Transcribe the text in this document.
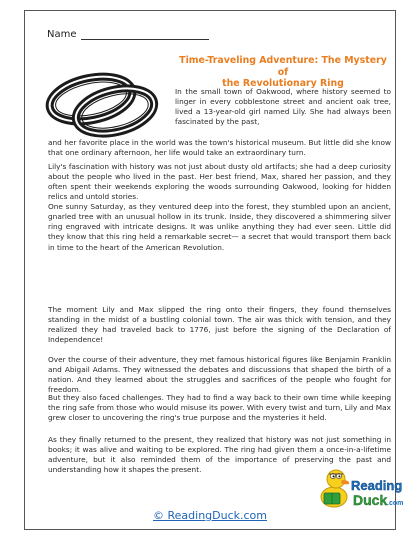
Name
Time-Traveling Adventure: The Mystery of
the Revolutionary Ring

In the small town of Oakwood, where history seemed to linger in every cobblestone street and ancient oak tree, lived a 13-year-old girl named Lily. She had always been fascinated by the past,

and her favorite place in the world was the town's historical museum. But little did she know that one ordinary afternoon, her life would take an extraordinary turn.

Lily's fascination with history was not just about dusty old artifacts; she had a deep curiosity about the people who lived in the past. Her best friend, Max, shared her passion, and they often spent their weekends exploring the woods surrounding Oakwood, looking for hidden relics and untold stories.

One sunny Saturday, as they ventured deep into the forest, they stumbled upon an ancient, gnarled tree with an unusual hollow in its trunk. Inside, they discovered a shimmering silver ring engraved with intricate designs. It was unlike anything they had ever seen. Little did they know that this ring held a remarkable secret— a secret that would transport them back in time to the heart of the American Revolution.

The moment Lily and Max slipped the ring onto their fingers, they found themselves standing in the midst of a bustling colonial town. The air was thick with tension, and they realized they had traveled back to 1776, just before the signing of the Declaration of Independence!

Over the course of their adventure, they met famous historical figures like Benjamin Franklin and Abigail Adams. They witnessed the debates and discussions that shaped the birth of a nation. And they learned about the struggles and sacrifices of the people who fought for freedom.

But they also faced challenges. They had to find a way back to their own time while keeping the ring safe from those who would misuse its power. With every twist and turn, Lily and Max grew closer to uncovering the ring's true purpose and the mysteries it held.

As they finally returned to the present, they realized that history was not just something in books; it was alive and waiting to be explored. The ring had given them a once-in-a-lifetime adventure, but it also reminded them of the importance of preserving the past and understanding how it shapes the present.

© ReadingDuck.com
Reading
Duck .com
